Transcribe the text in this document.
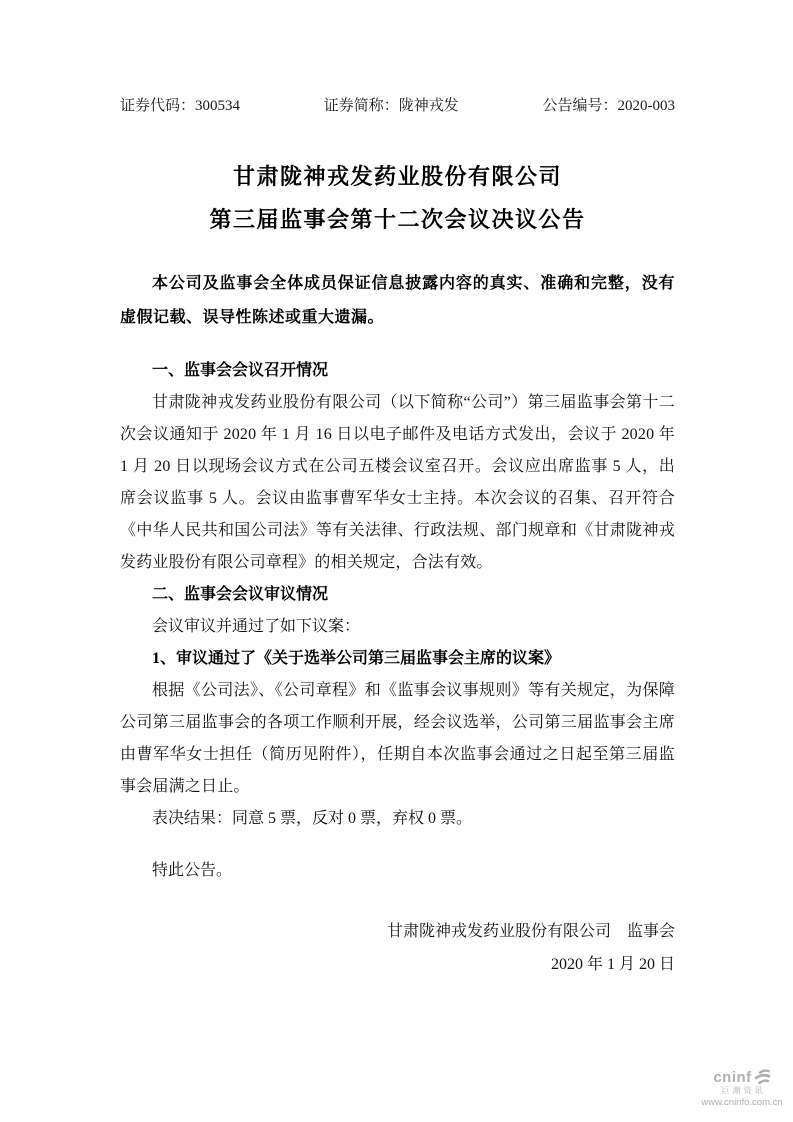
证券代码：300534	证券简称：陇神戎发	公告编号：2020-003
甘肃陇神戎发药业股份有限公司
第三届监事会第十二次会议决议公告

本公司及监事会全体成员保证信息披露内容的真实、准确和完整，没有虚假记载、误导性陈述或重大遗漏。

一、监事会会议召开情况

甘肃陇神戎发药业股份有限公司（以下简称“公司”）第三届监事会第十二次会议通知于 2020 年 1 月 16 日以电子邮件及电话方式发出，会议于 2020 年 1 月 20 日以现场会议方式在公司五楼会议室召开。会议应出席监事 5 人，出席会议监事 5 人。会议由监事曹军华女士主持。本次会议的召集、召开符合《中华人民共和国公司法》等有关法律、行政法规、部门规章和《甘肃陇神戎发药业股份有限公司章程》的相关规定，合法有效。

二、监事会会议审议情况

会议审议并通过了如下议案：

1、审议通过了《关于选举公司第三届监事会主席的议案》

根据《公司法》、《公司章程》和《监事会议事规则》等有关规定，为保障公司第三届监事会的各项工作顺利开展，经会议选举，公司第三届监事会主席由曹军华女士担任（简历见附件），任期自本次监事会通过之日起至第三届监事会届满之日止。

表决结果：同意 5 票，反对 0 票，弃权 0 票。

特此公告。

甘肃陇神戎发药业股份有限公司　监事会
2020 年 1 月 20 日
cninf
巨潮资讯
www.cninfo.com.cn
